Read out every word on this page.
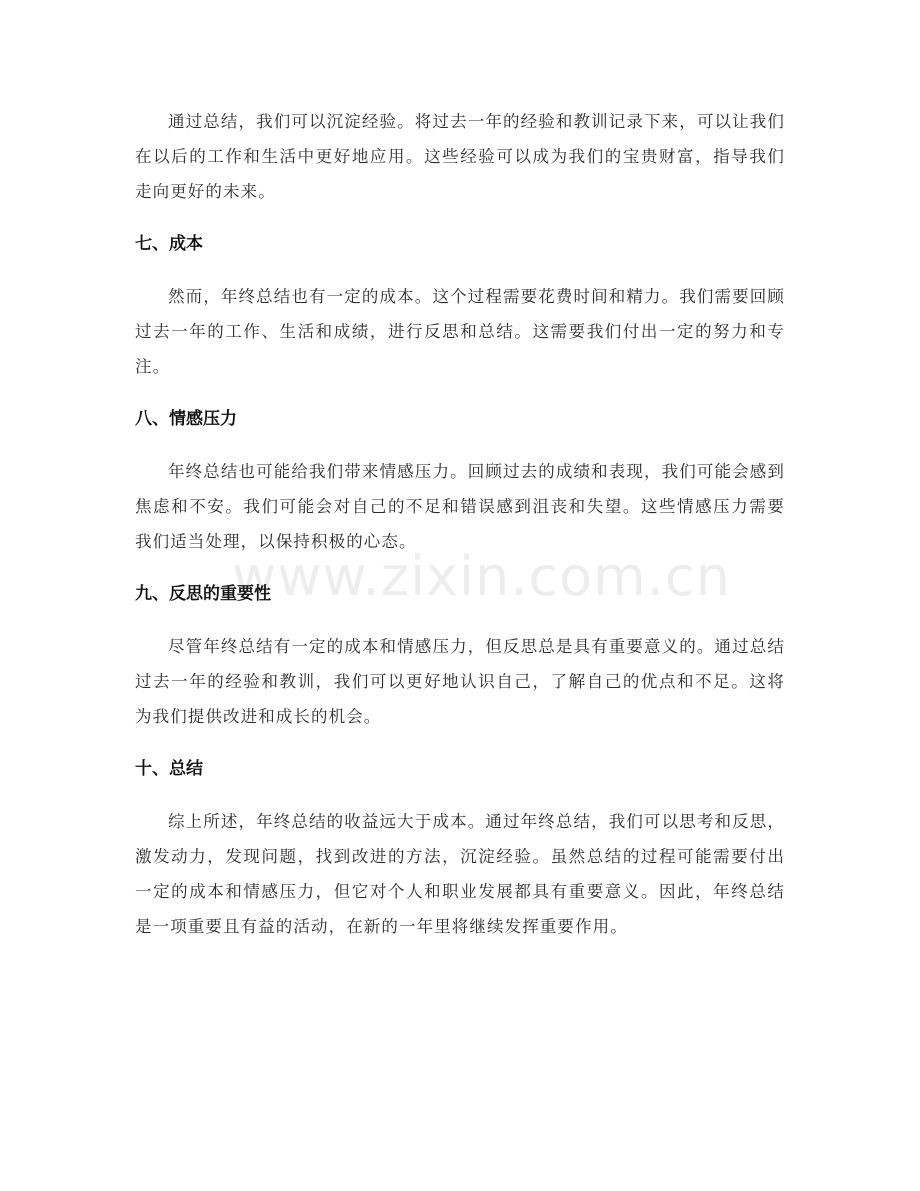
www.zixin.com.cn

通过总结，我们可以沉淀经验。将过去一年的经验和教训记录下来，可以让我们在以后的工作和生活中更好地应用。这些经验可以成为我们的宝贵财富，指导我们走向更好的未来。

七、成本

然而，年终总结也有一定的成本。这个过程需要花费时间和精力。我们需要回顾过去一年的工作、生活和成绩，进行反思和总结。这需要我们付出一定的努力和专注。

八、情感压力

年终总结也可能给我们带来情感压力。回顾过去的成绩和表现，我们可能会感到焦虑和不安。我们可能会对自己的不足和错误感到沮丧和失望。这些情感压力需要我们适当处理，以保持积极的心态。

九、反思的重要性

尽管年终总结有一定的成本和情感压力，但反思总是具有重要意义的。通过总结过去一年的经验和教训，我们可以更好地认识自己，了解自己的优点和不足。这将为我们提供改进和成长的机会。

十、总结

综上所述，年终总结的收益远大于成本。通过年终总结，我们可以思考和反思，激发动力，发现问题，找到改进的方法，沉淀经验。虽然总结的过程可能需要付出一定的成本和情感压力，但它对个人和职业发展都具有重要意义。因此，年终总结是一项重要且有益的活动，在新的一年里将继续发挥重要作用。
